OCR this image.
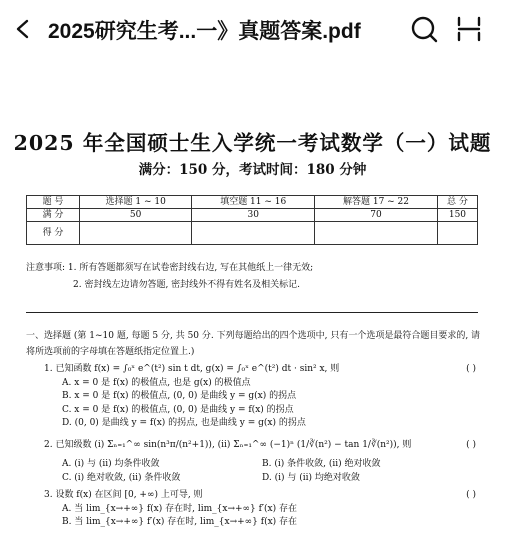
2025研究生考...一》真题答案.pdf
2025 年全国硕士生入学统一考试数学（一）试题
满分：150 分，考试时间：180 分钟
题 号	选择题 1 ~ 10	填空题 11 ~ 16	解答题 17 ~ 22	总 分
满 分	50	30	70	150
得 分				
注意事项: 1. 所有答题都须写在试卷密封线右边, 写在其他纸上一律无效;
2. 密封线左边请勿答题, 密封线外不得有姓名及相关标记.
一、选择题 (第 1~10 题, 每题 5 分, 共 50 分. 下列每题给出的四个选项中, 只有一个选项是最符合题目要求的, 请将所选项前的字母填在答题纸指定位置上.)
1. 已知函数 f(x) = ∫₀ˣ e^(t²) sin t dt, g(x) = ∫₀ˣ e^(t²) dt · sin² x, 则	( )
A. x = 0 是 f(x) 的极值点, 也是 g(x) 的极值点
B. x = 0 是 f(x) 的极值点, (0, 0) 是曲线 y = g(x) 的拐点
C. x = 0 是 f(x) 的极值点, (0, 0) 是曲线 y = f(x) 的拐点
D. (0, 0) 是曲线 y = f(x) 的拐点, 也是曲线 y = g(x) 的拐点
2. 已知级数 (i) Σₙ₌₁^∞ sin(n³π/(n²+1)), (ii) Σₙ₌₁^∞ (−1)ⁿ (1/∛(n²) − tan 1/∛(n²)), 则	( )
A. (i) 与 (ii) 均条件收敛	B. (i) 条件收敛, (ii) 绝对收敛
C. (i) 绝对收敛, (ii) 条件收敛	D. (i) 与 (ii) 均绝对收敛
3. 设数 f(x) 在区间 [0, +∞) 上可导, 则	( )
A. 当 lim_{x→+∞} f(x) 存在时, lim_{x→+∞} f′(x) 存在
B. 当 lim_{x→+∞} f′(x) 存在时, lim_{x→+∞} f(x) 存在
